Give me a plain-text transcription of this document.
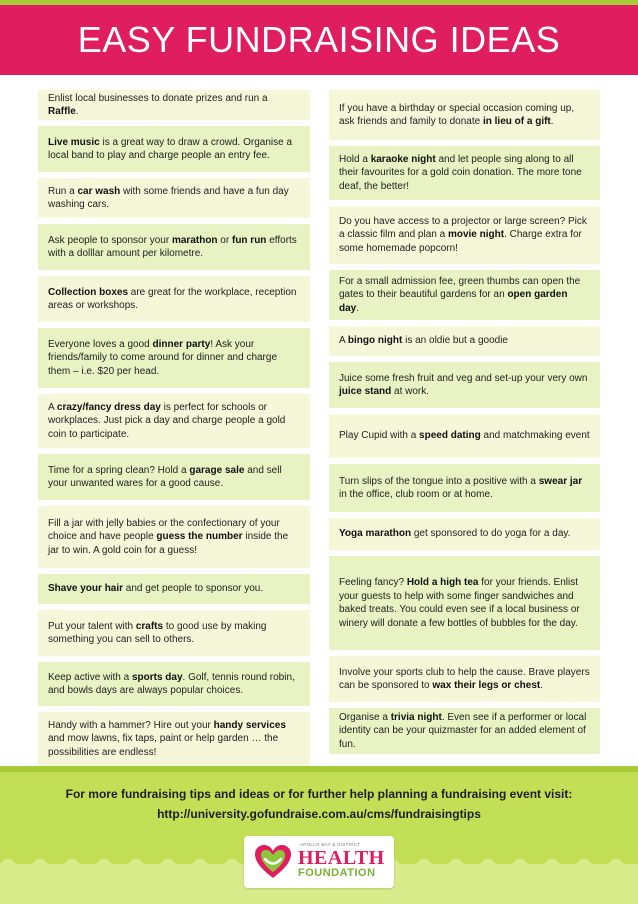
EASY FUNDRAISING IDEAS
Enlist local businesses to donate prizes and run a Raffle.
Live music is a great way to draw a crowd. Organise a local band to play and charge people an entry fee.
Run a car wash with some friends and have a fun day washing cars.
Ask people to sponsor your marathon or fun run efforts with a dolllar amount per kilometre.
Collection boxes are great for the workplace, reception areas or workshops.
Everyone loves a good dinner party! Ask your friends/family to come around for dinner and charge them – i.e. $20 per head.
A crazy/fancy dress day is perfect for schools or workplaces. Just pick a day and charge people a gold coin to participate.
Time for a spring clean? Hold a garage sale and sell your unwanted wares for a good cause.
Fill a jar with jelly babies or the confectionary of your choice and have people guess the number inside the jar to win. A gold coin for a guess!
Shave your hair and get people to sponsor you.
Put your talent with crafts to good use by making something you can sell to others.
Keep active with a sports day. Golf, tennis round robin, and bowls days are always popular choices.
Handy with a hammer? Hire out your handy services and mow lawns, fix taps, paint or help garden … the possibilities are endless!
If you have a birthday or special occasion coming up, ask friends and family to donate in lieu of a gift.
Hold a karaoke night and let people sing along to all their favourites for a gold coin donation. The more tone deaf, the better!
Do you have access to a projector or large screen? Pick a classic film and plan a movie night. Charge extra for some homemade popcorn!
For a small admission fee, green thumbs can open the gates to their beautiful gardens for an open garden day.
A bingo night is an oldie but a goodie
Juice some fresh fruit and veg and set-up your very own juice stand at work.
Play Cupid with a speed dating and matchmaking event
Turn slips of the tongue into a positive with a swear jar in the office, club room or at home.
Yoga marathon get sponsored to do yoga for a day.
Feeling fancy? Hold a high tea for your friends. Enlist your guests to help with some finger sandwiches and baked treats. You could even see if a local business or winery will donate a few bottles of bubbles for the day.
Involve your sports club to help the cause. Brave players can be sponsored to wax their legs or chest.
Organise a trivia night. Even see if a performer or local identity can be your quizmaster for an added element of fun.
For more fundraising tips and ideas or for further help planning a fundraising event visit:
http://university.gofundraise.com.au/cms/fundraisingtips
APOLLO BAY & DISTRICT
HEALTH
FOUNDATION
